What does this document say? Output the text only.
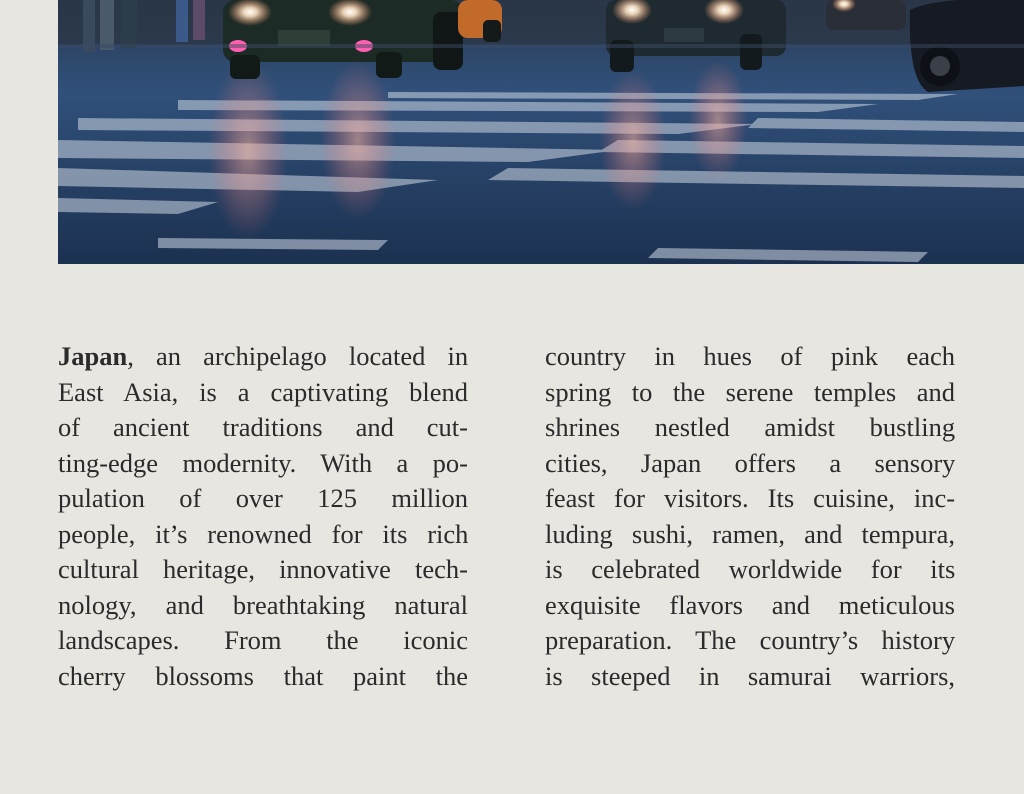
Japan, an archipelago located in
East Asia, is a captivating blend
of ancient traditions and cut-
ting-edge modernity. With a po-
pulation of over 125 million
people, it’s renowned for its rich
cultural heritage, innovative tech-
nology, and breathtaking natural
landscapes. From the iconic
cherry blossoms that paint the
country in hues of pink each
spring to the serene temples and
shrines nestled amidst bustling
cities, Japan offers a sensory
feast for visitors. Its cuisine, inc-
luding sushi, ramen, and tempura,
is celebrated worldwide for its
exquisite flavors and meticulous
preparation. The country’s history
is steeped in samurai warriors,
